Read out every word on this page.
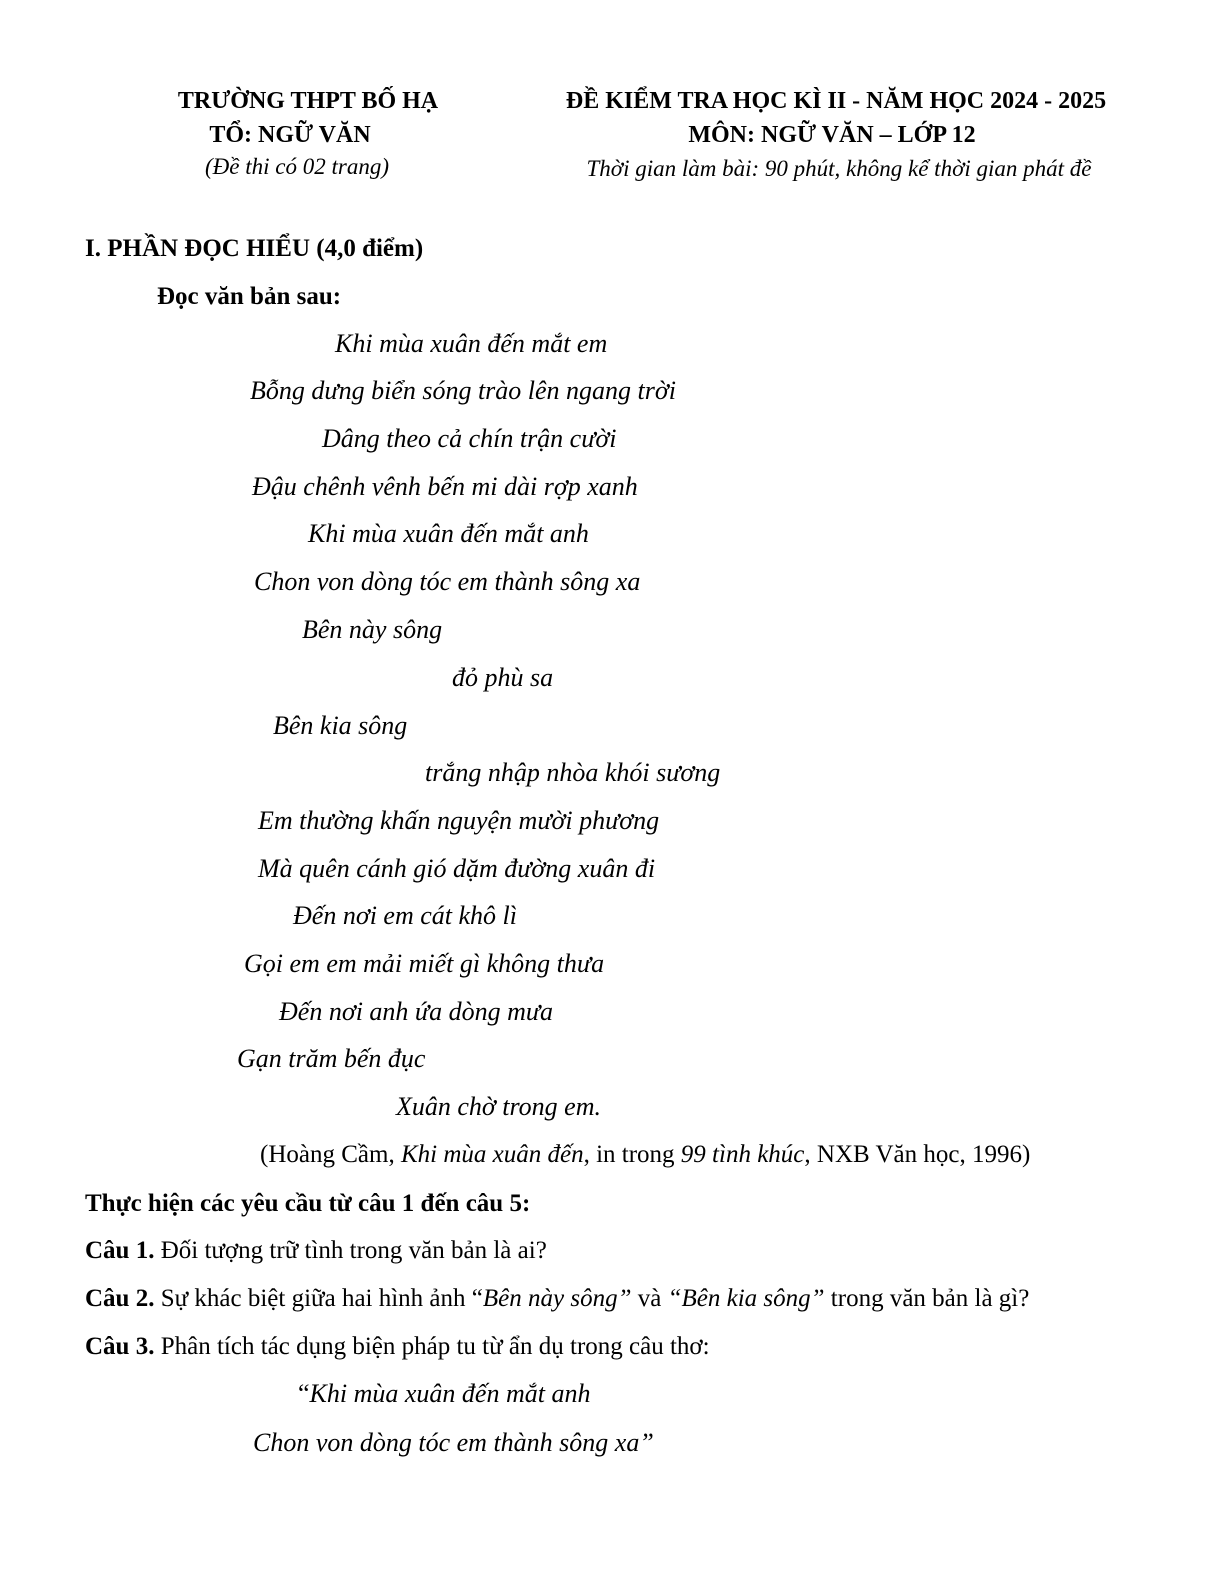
TRƯỜNG THPT BỐ HẠ
TỔ: NGỮ VĂN
(Đề thi có 02 trang)
ĐỀ KIỂM TRA HỌC KÌ II - NĂM HỌC 2024 - 2025
MÔN: NGỮ VĂN – LỚP 12
Thời gian làm bài: 90 phút, không kể thời gian phát đề
I. PHẦN ĐỌC HIỂU (4,0 điểm)
Đọc văn bản sau:
Khi mùa xuân đến mắt em
Bỗng dưng biển sóng trào lên ngang trời
Dâng theo cả chín trận cười
Đậu chênh vênh bến mi dài rợp xanh
Khi mùa xuân đến mắt anh
Chon von dòng tóc em thành sông xa
Bên này sông
đỏ phù sa
Bên kia sông
trắng nhập nhòa khói sương
Em thường khấn nguyện mười phương
Mà quên cánh gió dặm đường xuân đi
Đến nơi em cát khô lì
Gọi em em mải miết gì không thưa
Đến nơi anh ứa dòng mưa
Gạn trăm bến đục
Xuân chờ trong em.
(Hoàng Cầm, Khi mùa xuân đến, in trong 99 tình khúc, NXB Văn học, 1996)
Thực hiện các yêu cầu từ câu 1 đến câu 5:
Câu 1. Đối tượng trữ tình trong văn bản là ai?
Câu 2. Sự khác biệt giữa hai hình ảnh “Bên này sông” và “Bên kia sông” trong văn bản là gì?
Câu 3. Phân tích tác dụng biện pháp tu từ ẩn dụ trong câu thơ:
“Khi mùa xuân đến mắt anh
Chon von dòng tóc em thành sông xa”
